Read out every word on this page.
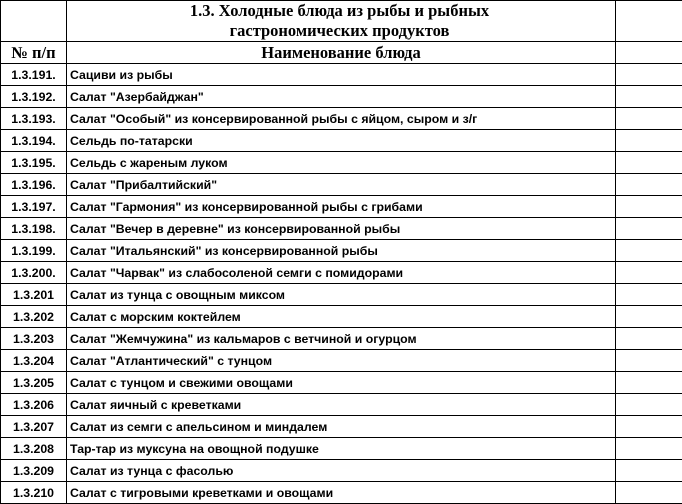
	1.3. Холодные блюда из рыбы и рыбных	
	гастрономических продуктов	
№ п/п	Наименование блюда	
1.3.191.	Сациви из рыбы	
1.3.192.	Салат "Азербайджан"	
1.3.193.	Салат "Особый" из консервированной рыбы с яйцом, сыром и з/г	
1.3.194.	Сельдь по-татарски	
1.3.195.	Сельдь с жареным луком	
1.3.196.	Салат "Прибалтийский"	
1.3.197.	Салат "Гармония" из консервированной рыбы с грибами	
1.3.198.	Салат "Вечер в деревне" из консервированной рыбы	
1.3.199.	Салат "Итальянский" из консервированной рыбы	
1.3.200.	Салат "Чарвак" из слабосоленой семги с помидорами	
1.3.201	Салат из тунца с овощным миксом	
1.3.202	Салат с морским коктейлем	
1.3.203	Салат "Жемчужина" из кальмаров с ветчиной и огурцом	
1.3.204	Салат "Атлантический" с тунцом	
1.3.205	Салат с тунцом и свежими овощами	
1.3.206	Салат яичный с креветками	
1.3.207	Салат из семги с апельсином и миндалем	
1.3.208	Тар-тар из муксуна на овощной подушке	
1.3.209	Салат из тунца с фасолью	
1.3.210	Салат с тигровыми креветками и овощами	
